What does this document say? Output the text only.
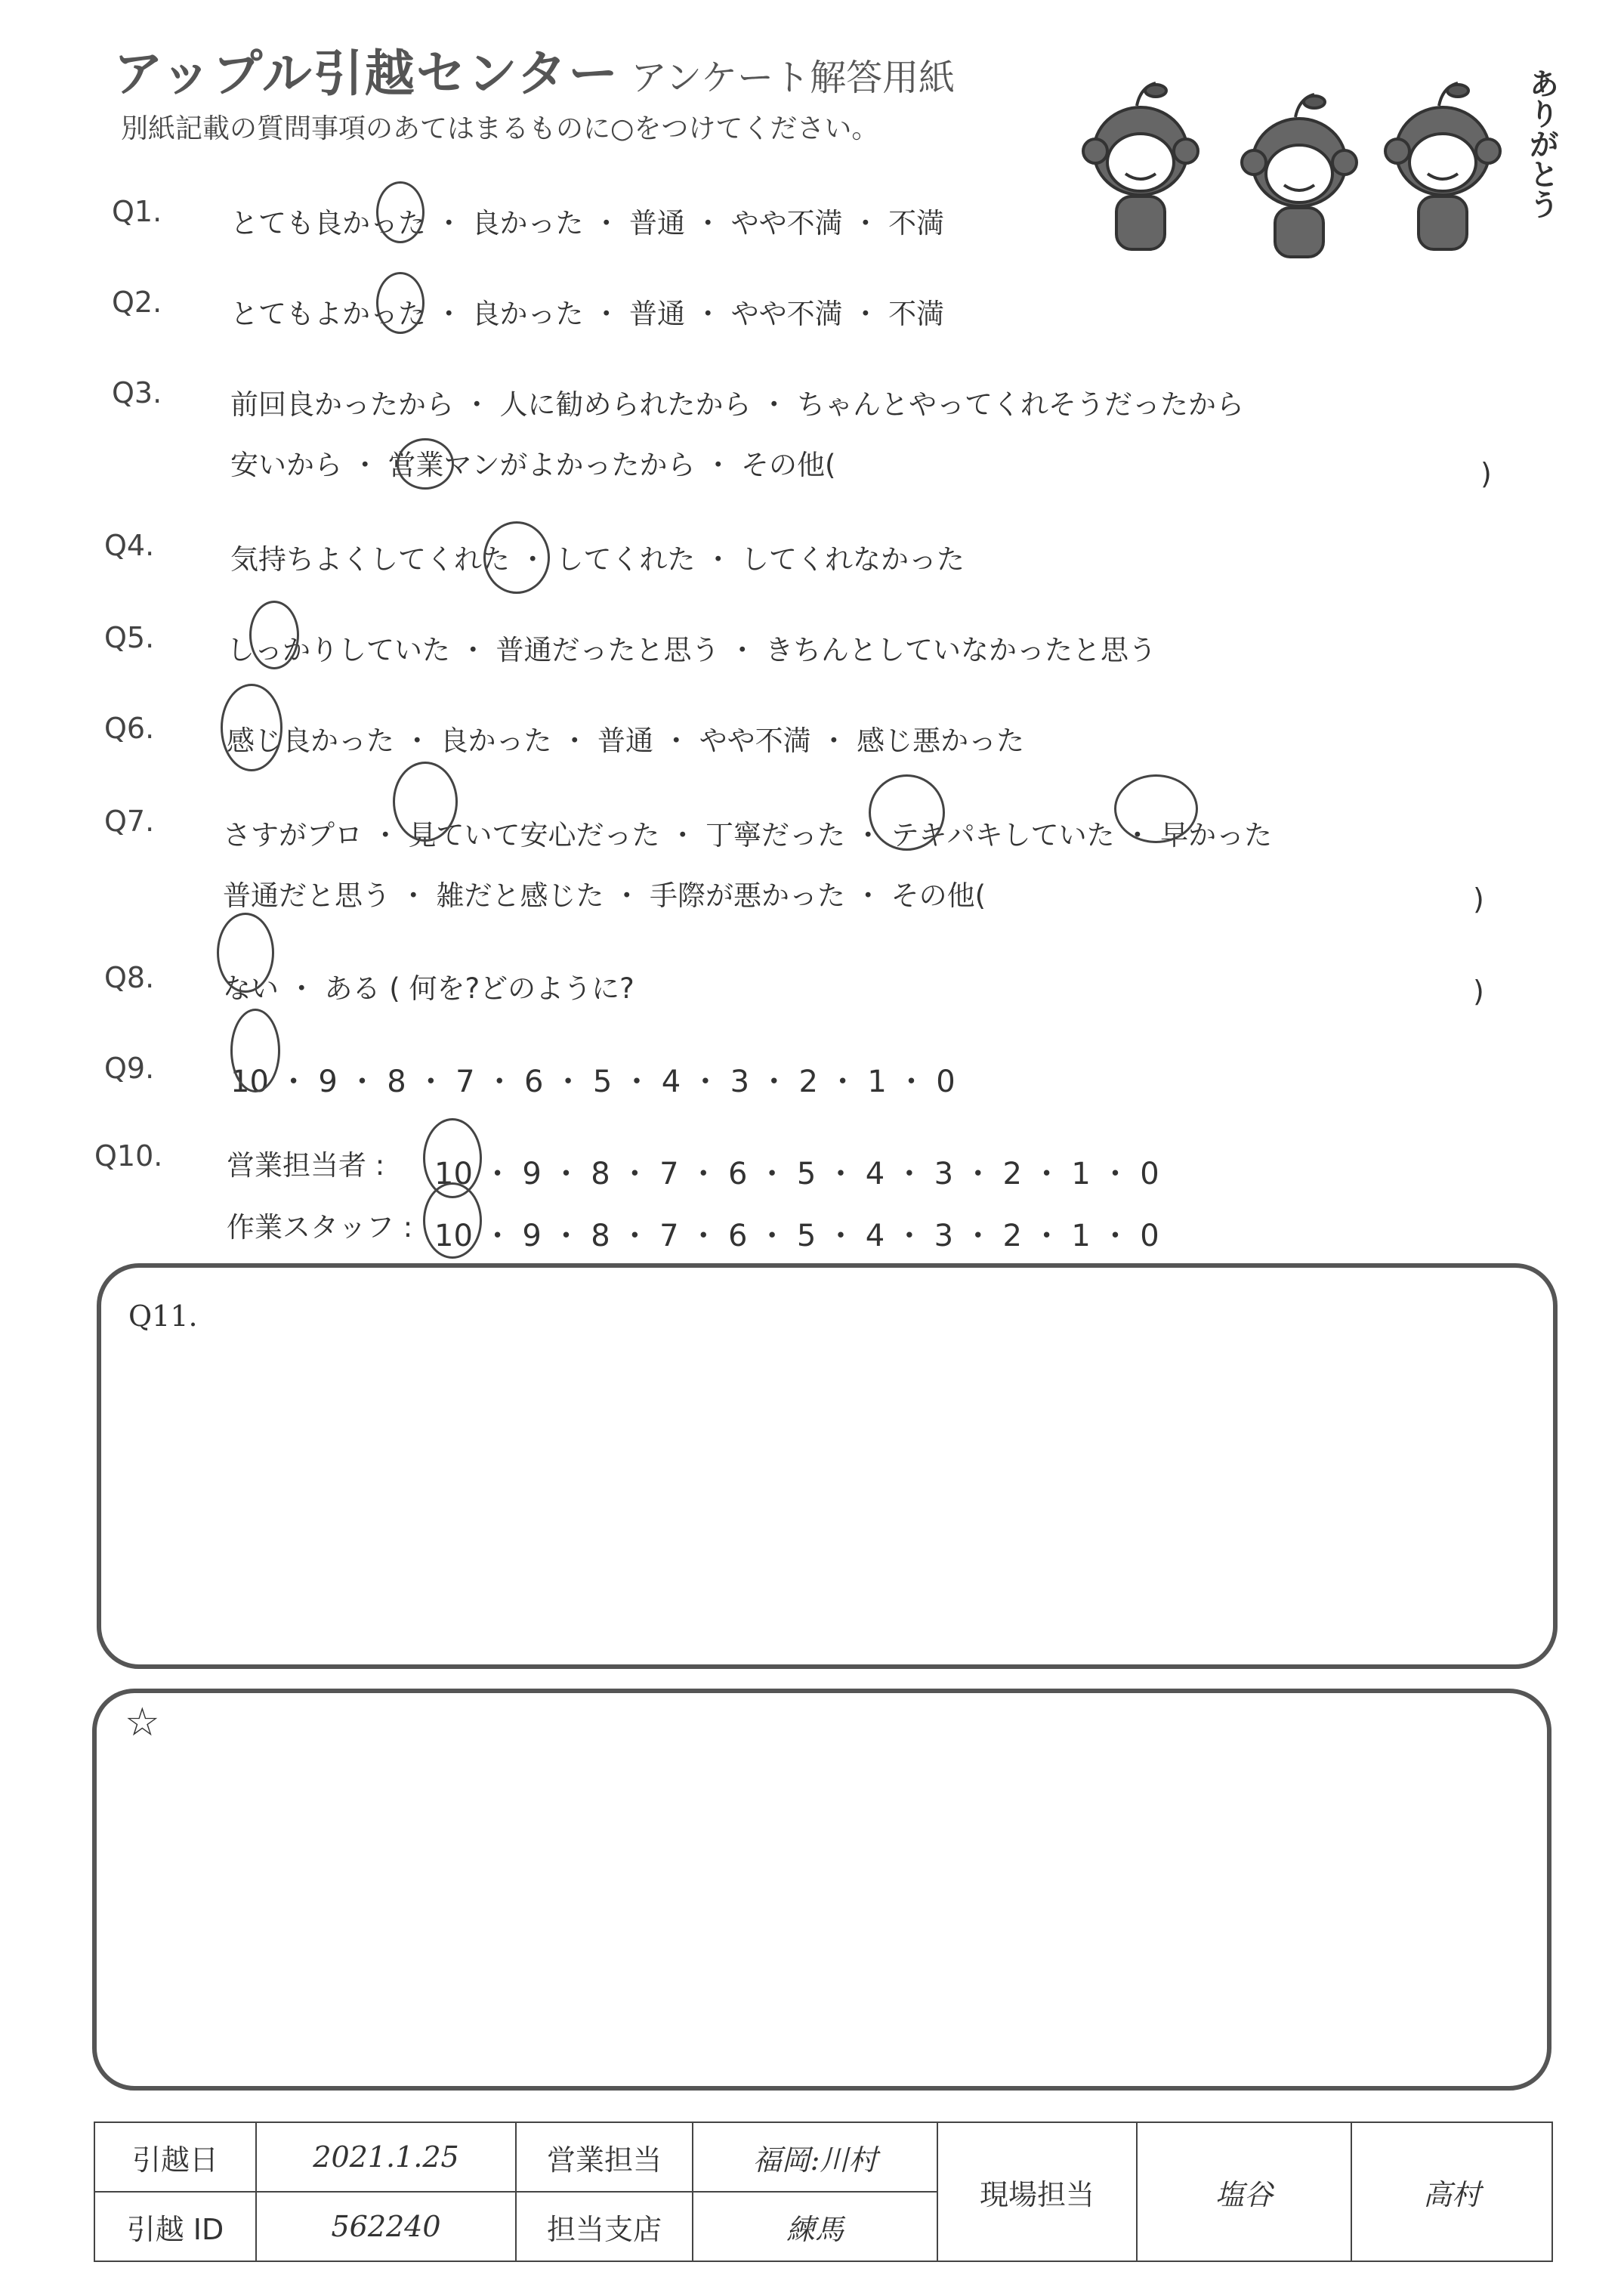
アップル引越センター アンケート解答用紙
別紙記載の質問事項のあてはまるものに○をつけてください。	ありがとう
Q1. とても良かった ・ 良かった ・ 普通 ・ やや不満 ・ 不満
Q2. とてもよかった ・ 良かった ・ 普通 ・ やや不満 ・ 不満
Q3. 前回良かったから ・ 人に勧められたから ・ ちゃんとやってくれそうだったから
安いから ・ 営業マンがよかったから ・ その他(	)
Q4.	気持ちよくしてくれた ・ してくれた ・ してくれなかった
Q5.	しっかりしていた ・ 普通だったと思う ・ きちんとしていなかったと思う
Q6.	感じ良かった ・ 良かった ・ 普通 ・ やや不満 ・ 感じ悪かった
Q7. さすがプロ ・ 見ていて安心だった ・ 丁寧だった ・ テキパキしていた ・ 早かった
普通だと思う ・ 雑だと感じた ・ 手際が悪かった ・ その他(	)
Q8. ない ・ ある ( 何を?どのように?	)
Q9.	10 ・ 9 ・ 8 ・ 7 ・ 6 ・ 5 ・ 4 ・ 3 ・ 2 ・ 1 ・ 0
Q10. 営業担当者 : 10 ・ 9 ・ 8 ・ 7 ・ 6 ・ 5 ・ 4 ・ 3 ・ 2 ・ 1 ・ 0
作業スタッフ : 10 ・ 9 ・ 8 ・ 7 ・ 6 ・ 5 ・ 4 ・ 3 ・ 2 ・ 1 ・ 0
Q11.
☆
引越日	2021.1.25	営業担当	福岡:川村	現場担当	塩谷	高村
引越 ID	562240	担当支店	練馬			
